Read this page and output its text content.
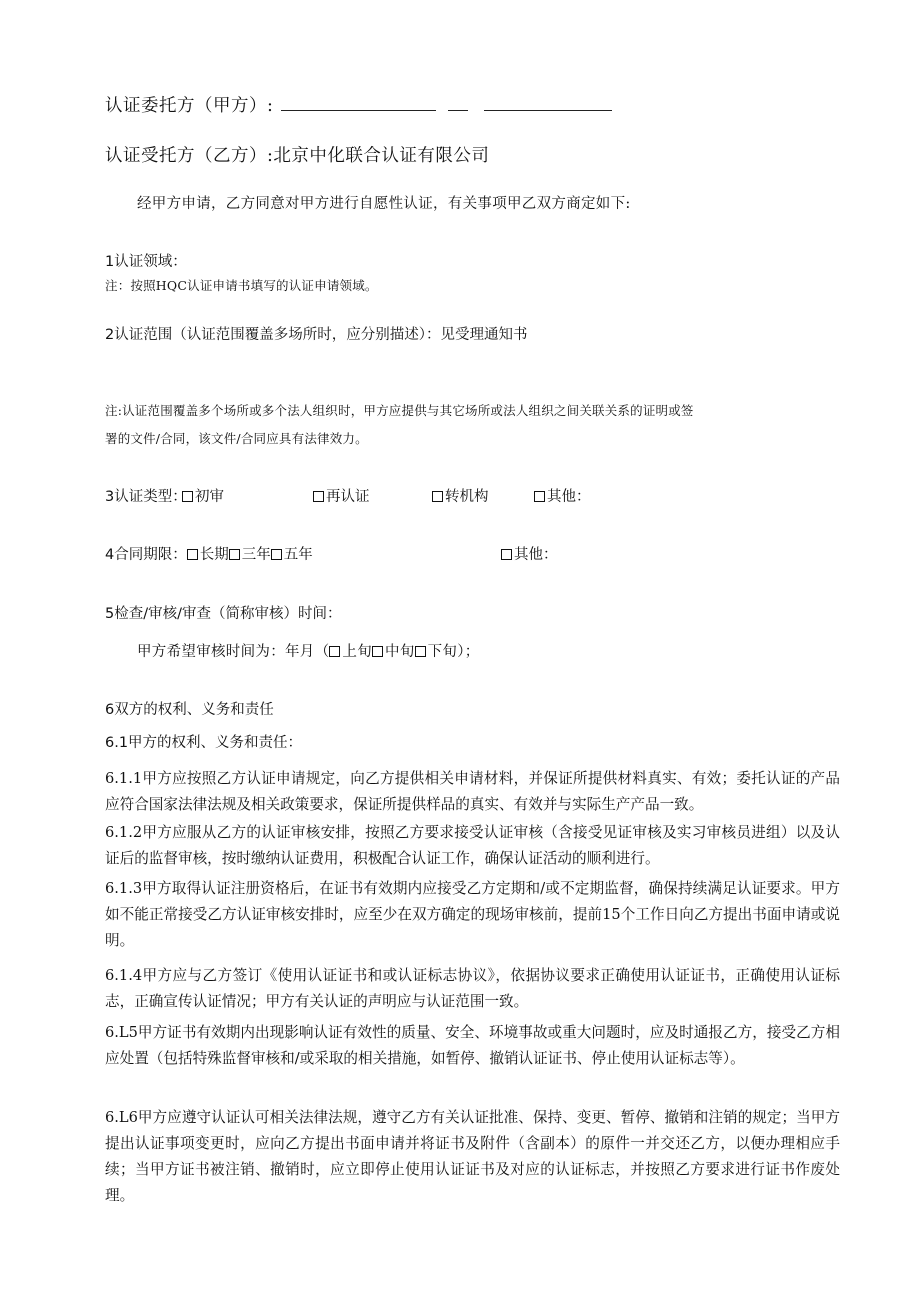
认证委托方（甲方）:
认证受托方（乙方）:北京中化联合认证有限公司
经甲方申请，乙方同意对甲方进行自愿性认证，有关事项甲乙双方商定如下:
1认证领域：
注：按照HQC认证申请书填写的认证申请领域。
2认证范围（认证范围覆盖多场所时，应分别描述）：见受理通知书
注:认证范围覆盖多个场所或多个法人组织时，甲方应提供与其它场所或法人组织之间关联关系的证明或签
署的文件/合同，该文件/合同应具有法律效力。
3认证类型： 初审	再认证	转机构	其他：
4合同期限： 长期 三年 五年	其他：
5检查/审核/审查（简称审核）时间：
甲方希望审核时间为：年月（ 上旬 中旬 下旬）；
6双方的权利、义务和责任
6.1甲方的权利、义务和责任：
6.1.1甲方应按照乙方认证申请规定，向乙方提供相关申请材料，并保证所提供材料真实、有效；委托认证的产品应符合国家法律法规及相关政策要求，保证所提供样品的真实、有效并与实际生产产品一致。
6.1.2甲方应服从乙方的认证审核安排，按照乙方要求接受认证审核（含接受见证审核及实习审核员进组）以及认证后的监督审核，按时缴纳认证费用，积极配合认证工作，确保认证活动的顺利进行。
6.1.3甲方取得认证注册资格后，在证书有效期内应接受乙方定期和/或不定期监督，确保持续满足认证要求。甲方如不能正常接受乙方认证审核安排时，应至少在双方确定的现场审核前，提前15个工作日向乙方提出书面申请或说明。
6.1.4甲方应与乙方签订《使用认证证书和或认证标志协议》，依据协议要求正确使用认证证书，正确使用认证标志，正确宣传认证情况；甲方有关认证的声明应与认证范围一致。
6.L5甲方证书有效期内出现影响认证有效性的质量、安全、环境事故或重大问题时，应及时通报乙方，接受乙方相应处置（包括特殊监督审核和/或采取的相关措施，如暂停、撤销认证证书、停止使用认证标志等）。
6.L6甲方应遵守认证认可相关法律法规，遵守乙方有关认证批准、保持、变更、暂停、撤销和注销的规定；当甲方提出认证事项变更时，应向乙方提出书面申请并将证书及附件（含副本）的原件一并交还乙方，以便办理相应手续；当甲方证书被注销、撤销时，应立即停止使用认证证书及对应的认证标志，并按照乙方要求进行证书作废处理。
